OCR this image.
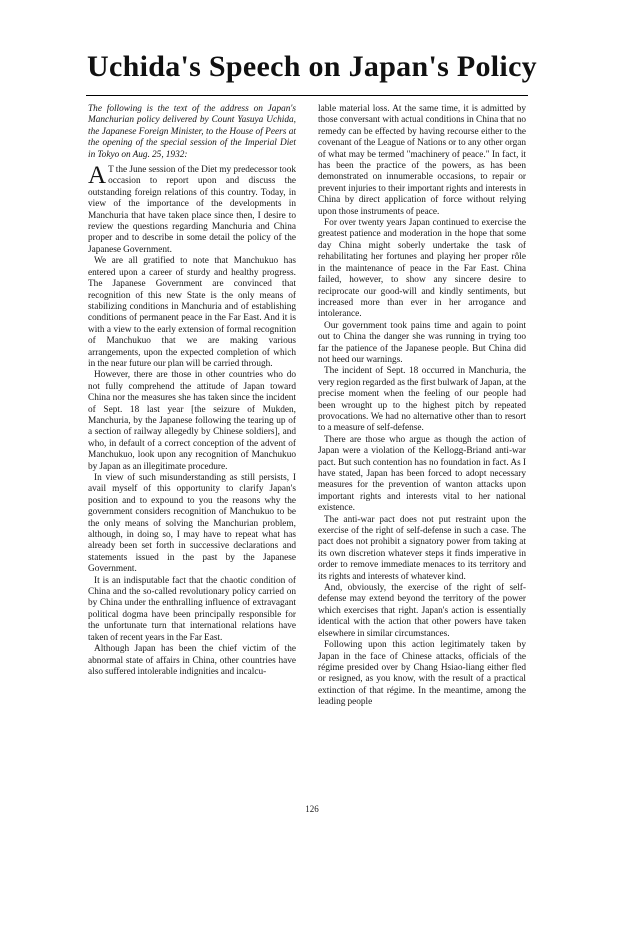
Uchida's Speech on Japan's Policy

The following is the text of the address on Japan's Manchurian policy delivered by Count Yasuya Uchida, the Japanese Foreign Minister, to the House of Peers at the opening of the special session of the Imperial Diet in Tokyo on Aug. 25, 1932:

A T the June session of the Diet my predecessor took occasion to report upon and discuss the outstanding foreign relations of this country. Today, in view of the importance of the developments in Manchuria that have taken place since then, I desire to review the questions regarding Manchuria and China proper and to describe in some detail the policy of the Japanese Government.

We are all gratified to note that Manchukuo has entered upon a career of sturdy and healthy progress. The Japanese Government are convinced that recognition of this new State is the only means of stabilizing conditions in Manchuria and of establishing conditions of permanent peace in the Far East. And it is with a view to the early extension of formal recognition of Manchukuo that we are making various arrangements, upon the expected completion of which in the near future our plan will be carried through.

However, there are those in other countries who do not fully comprehend the attitude of Japan toward China nor the measures she has taken since the incident of Sept. 18 last year [the seizure of Mukden, Manchuria, by the Japanese following the tearing up of a section of railway allegedly by Chinese soldiers], and who, in default of a correct conception of the advent of Manchukuo, look upon any recognition of Manchukuo by Japan as an illegitimate procedure.

In view of such misunderstanding as still persists, I avail myself of this opportunity to clarify Japan's position and to expound to you the reasons why the government considers recognition of Manchukuo to be the only means of solving the Manchurian problem, although, in doing so, I may have to repeat what has already been set forth in successive declarations and statements issued in the past by the Japanese Government.

It is an indisputable fact that the chaotic condition of China and the so-called revolutionary policy carried on by China under the enthralling influence of extravagant political dogma have been principally responsible for the unfortunate turn that international relations have taken of recent years in the Far East.

Although Japan has been the chief victim of the abnormal state of affairs in China, other countries have also suffered intolerable indignities and incalcu-

lable material loss. At the same time, it is admitted by those conversant with actual conditions in China that no remedy can be effected by having recourse either to the covenant of the League of Nations or to any other organ of what may be termed "machinery of peace." In fact, it has been the practice of the powers, as has been demonstrated on innumerable occasions, to repair or prevent injuries to their important rights and interests in China by direct application of force without relying upon those instruments of peace.

For over twenty years Japan continued to exercise the greatest patience and moderation in the hope that some day China might soberly undertake the task of rehabilitating her fortunes and playing her proper rôle in the maintenance of peace in the Far East. China failed, however, to show any sincere desire to reciprocate our good-will and kindly sentiments, but increased more than ever in her arrogance and intolerance.

Our government took pains time and again to point out to China the danger she was running in trying too far the patience of the Japanese people. But China did not heed our warnings.

The incident of Sept. 18 occurred in Manchuria, the very region regarded as the first bulwark of Japan, at the precise moment when the feeling of our people had been wrought up to the highest pitch by repeated provocations. We had no alternative other than to resort to a measure of self-defense.

There are those who argue as though the action of Japan were a violation of the Kellogg-Briand anti-war pact. But such contention has no foundation in fact. As I have stated, Japan has been forced to adopt necessary measures for the prevention of wanton attacks upon important rights and interests vital to her national existence.

The anti-war pact does not put restraint upon the exercise of the right of self-defense in such a case. The pact does not prohibit a signatory power from taking at its own discretion whatever steps it finds imperative in order to remove immediate menaces to its territory and its rights and interests of whatever kind.

And, obviously, the exercise of the right of self-defense may extend beyond the territory of the power which exercises that right. Japan's action is essentially identical with the action that other powers have taken elsewhere in similar circumstances.

Following upon this action legitimately taken by Japan in the face of Chinese attacks, officials of the régime presided over by Chang Hsiao-liang either fled or resigned, as you know, with the result of a practical extinction of that régime. In the meantime, among the leading people

126
